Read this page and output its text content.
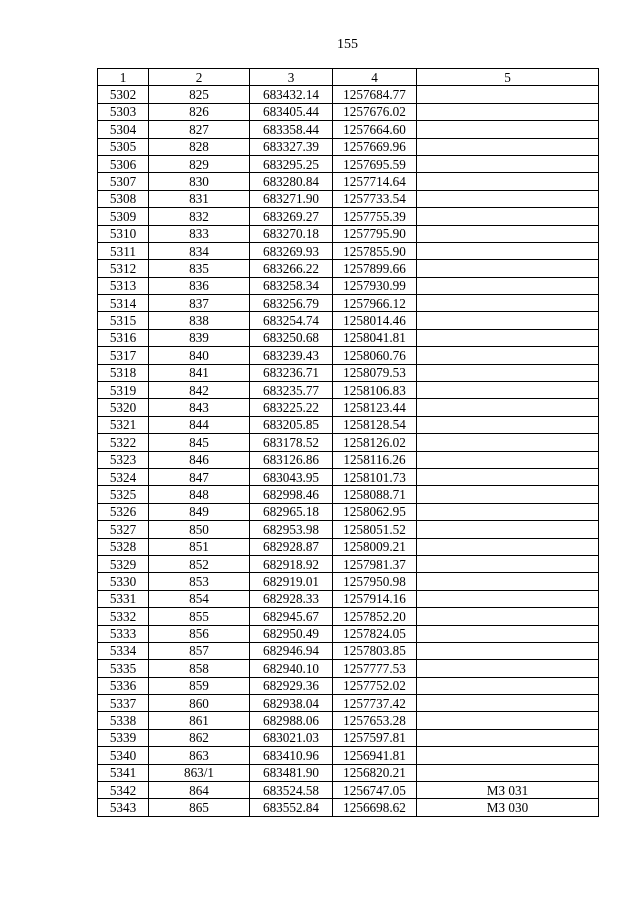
155
1	2	3	4	5
5302	825	683432.14	1257684.77	
5303	826	683405.44	1257676.02	
5304	827	683358.44	1257664.60	
5305	828	683327.39	1257669.96	
5306	829	683295.25	1257695.59	
5307	830	683280.84	1257714.64	
5308	831	683271.90	1257733.54	
5309	832	683269.27	1257755.39	
5310	833	683270.18	1257795.90	
5311	834	683269.93	1257855.90	
5312	835	683266.22	1257899.66	
5313	836	683258.34	1257930.99	
5314	837	683256.79	1257966.12	
5315	838	683254.74	1258014.46	
5316	839	683250.68	1258041.81	
5317	840	683239.43	1258060.76	
5318	841	683236.71	1258079.53	
5319	842	683235.77	1258106.83	
5320	843	683225.22	1258123.44	
5321	844	683205.85	1258128.54	
5322	845	683178.52	1258126.02	
5323	846	683126.86	1258116.26	
5324	847	683043.95	1258101.73	
5325	848	682998.46	1258088.71	
5326	849	682965.18	1258062.95	
5327	850	682953.98	1258051.52	
5328	851	682928.87	1258009.21	
5329	852	682918.92	1257981.37	
5330	853	682919.01	1257950.98	
5331	854	682928.33	1257914.16	
5332	855	682945.67	1257852.20	
5333	856	682950.49	1257824.05	
5334	857	682946.94	1257803.85	
5335	858	682940.10	1257777.53	
5336	859	682929.36	1257752.02	
5337	860	682938.04	1257737.42	
5338	861	682988.06	1257653.28	
5339	862	683021.03	1257597.81	
5340	863	683410.96	1256941.81	
5341	863/1	683481.90	1256820.21	
5342	864	683524.58	1256747.05	МЗ 031
5343	865	683552.84	1256698.62	МЗ 030
